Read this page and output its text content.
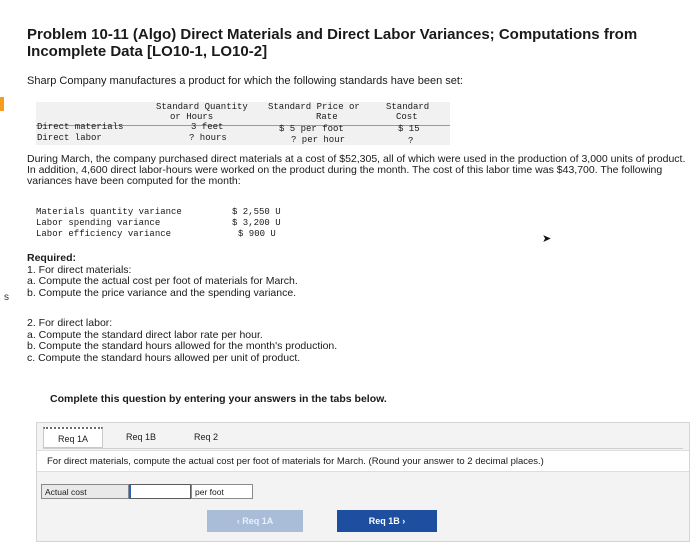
s
Problem 10-11 (Algo) Direct Materials and Direct Labor Variances; Computations from Incomplete Data [LO10-1, LO10-2]
Sharp Company manufactures a product for which the following standards have been set:
Standard Quantity
or Hours
Standard Price or
Rate
Standard
Cost
Direct materials	3 feet	$ 5 per foot	$ 15
Direct labor	? hours	? per hour	?
During March, the company purchased direct materials at a cost of $52,305, all of which were used in the production of 3,000 units of product. In addition, 4,600 direct labor-hours were worked on the product during the month. The cost of this labor time was $43,700. The following variances have been computed for the month:
Materials quantity variance	$ 2,550 U
Labor spending variance	$ 3,200 U
Labor efficiency variance	$ 900 U	➤
Required:
1. For direct materials:
a. Compute the actual cost per foot of materials for March.
b. Compute the price variance and the spending variance.
2. For direct labor:
a. Compute the standard direct labor rate per hour.
b. Compute the standard hours allowed for the month's production.
c. Compute the standard hours allowed per unit of product.
Complete this question by entering your answers in the tabs below.
Req 1A	Req 1B	Req 2
For direct materials, compute the actual cost per foot of materials for March. (Round your answer to 2 decimal places.)
Actual cost	per foot
‹ Req 1A	Req 1B ›
